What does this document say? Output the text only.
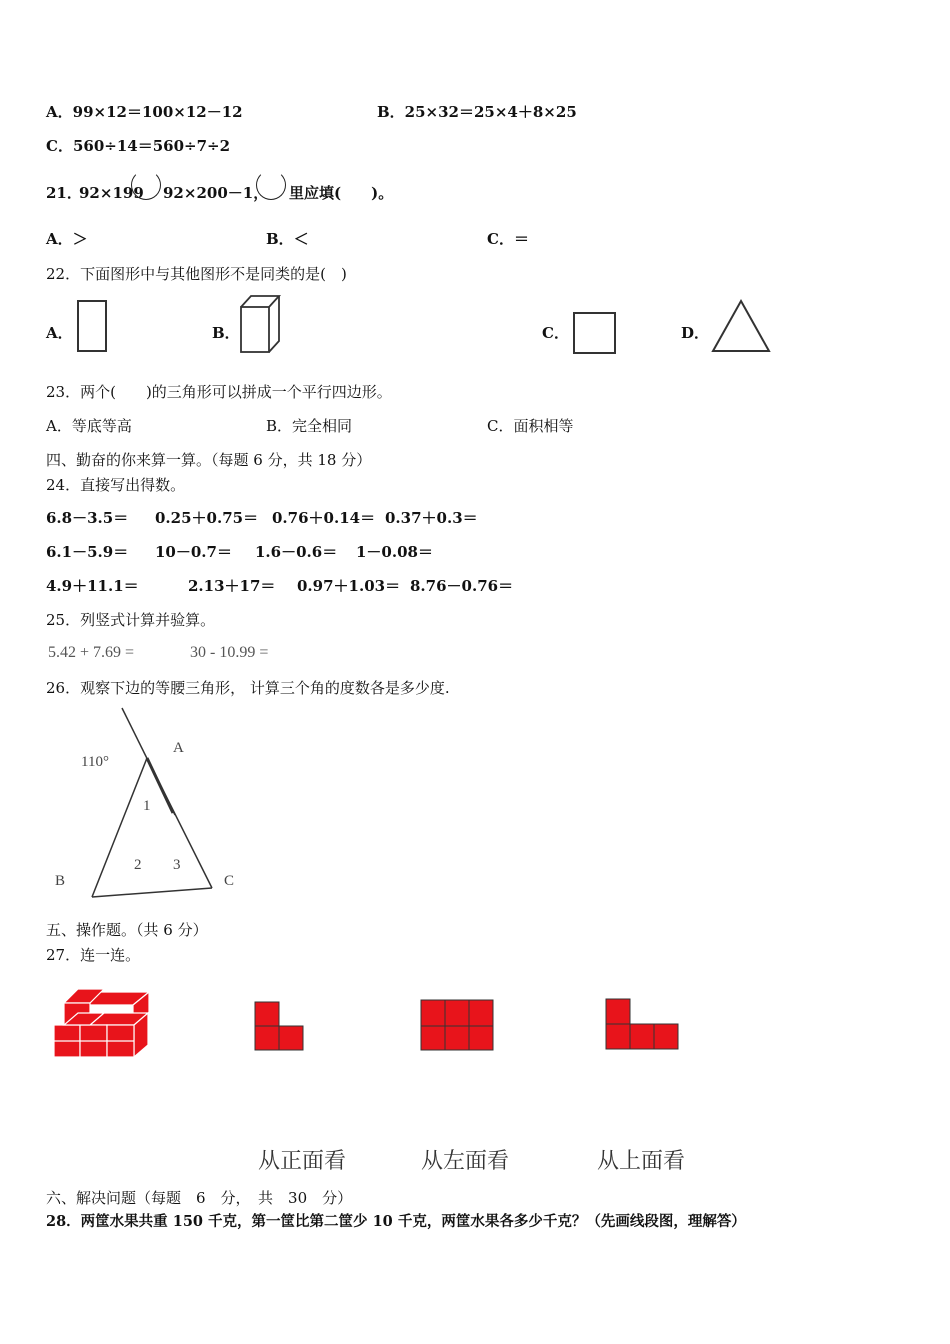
A．99×12＝100×12－12	B．25×32＝25×4＋8×25
C．560÷14＝560÷7÷2
21．
92×199 92×200－1， 里应填(　　)。
A．＞	B．＜	C．＝
22．下面图形中与其他图形不是同类的是(　)
A．	B．	C．	D．
23．两个(　　)的三角形可以拼成一个平行四边形。
A．等底等高	B．完全相同	C．面积相等
四、勤奋的你来算一算。（每题 6 分，共 18 分）
24．直接写出得数。
6.8－3.5＝ 0.25＋0.75＝ 0.76＋0.14＝ 0.37＋0.3＝
6.1－5.9＝ 10－0.7＝ 1.6－0.6＝ 1－0.08＝
4.9＋11.1＝	2.13＋17＝ 0.97＋1.03＝ 8.76－0.76＝
25．列竖式计算并验算。
5.42 + 7.69 =	30 - 10.99 =
26．观察下边的等腰三角形， 计算三个角的度数各是多少度.
110°
A
B	C
1
2 3
五、操作题。（共 6 分）
27．连一连。
从正面看	从左面看	从上面看
六、解决问题（每题　6　分，　共　30　分）
28．两筐水果共重 150 千克，第一筐比第二筐少 10 千克，两筐水果各多少千克？（先画线段图，理解答）
